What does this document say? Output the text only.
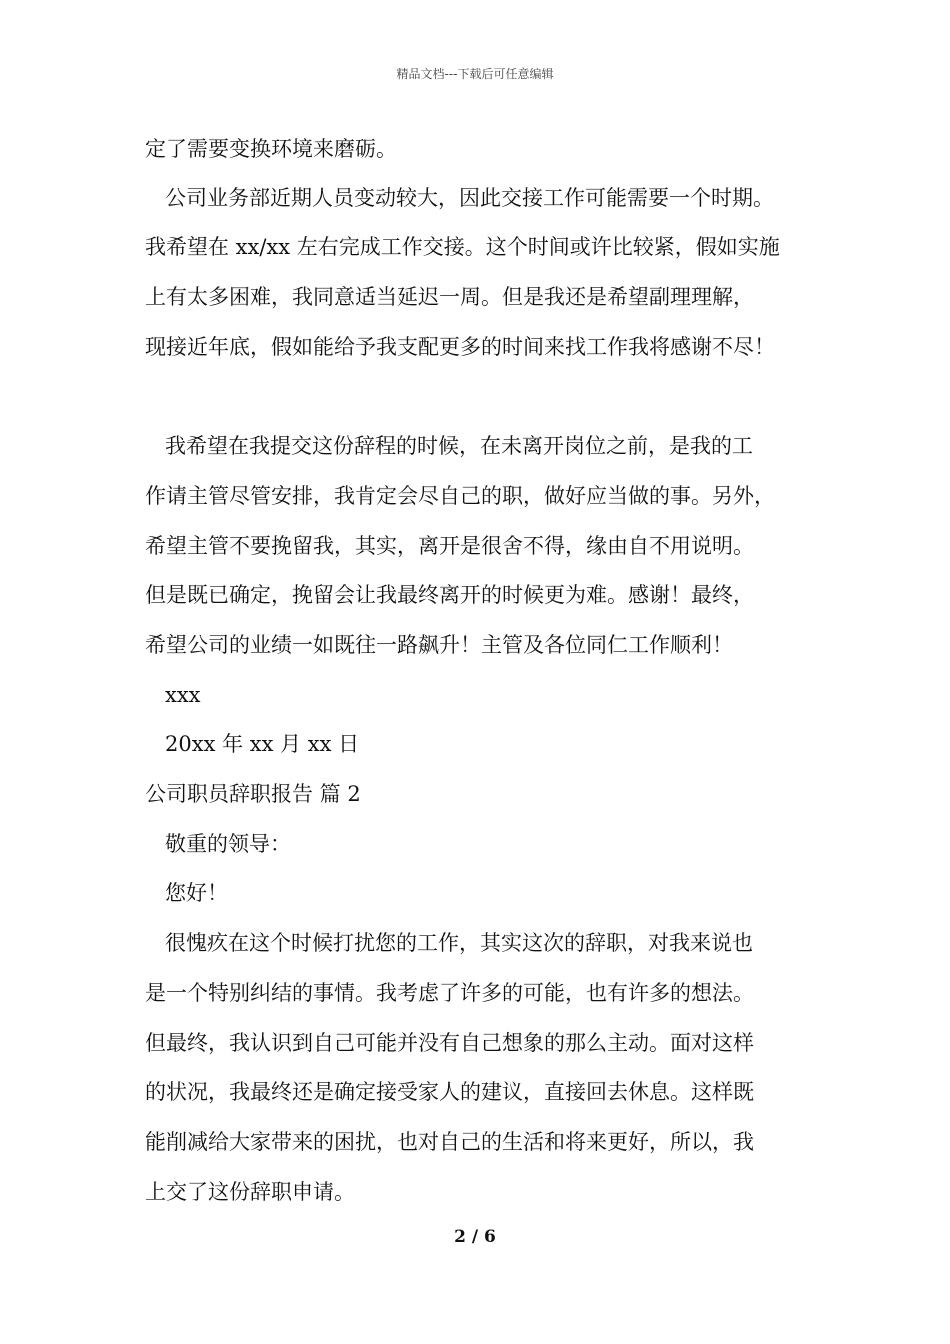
精品文档---下载后可任意编辑
定了需要变换环境来磨砺。
公司业务部近期人员变动较大，因此交接工作可能需要一个时期。
我希望在 xx/xx 左右完成工作交接。这个时间或许比较紧，假如实施
上有太多困难，我同意适当延迟一周。但是我还是希望副理理解，
现接近年底，假如能给予我支配更多的时间来找工作我将感谢不尽！
我希望在我提交这份辞程的时候，在未离开岗位之前，是我的工
作请主管尽管安排，我肯定会尽自己的职，做好应当做的事。另外，
希望主管不要挽留我，其实，离开是很舍不得，缘由自不用说明。
但是既已确定，挽留会让我最终离开的时候更为难。感谢！最终，
希望公司的业绩一如既往一路飙升！主管及各位同仁工作顺利！
xxx
20xx 年 xx 月 xx 日
公司职员辞职报告 篇 2
敬重的领导：
您好！
很愧疚在这个时候打扰您的工作，其实这次的辞职，对我来说也
是一个特别纠结的事情。我考虑了许多的可能，也有许多的想法。
但最终，我认识到自己可能并没有自己想象的那么主动。面对这样
的状况，我最终还是确定接受家人的建议，直接回去休息。这样既
能削减给大家带来的困扰，也对自己的生活和将来更好，所以，我
上交了这份辞职申请。
2 / 6
